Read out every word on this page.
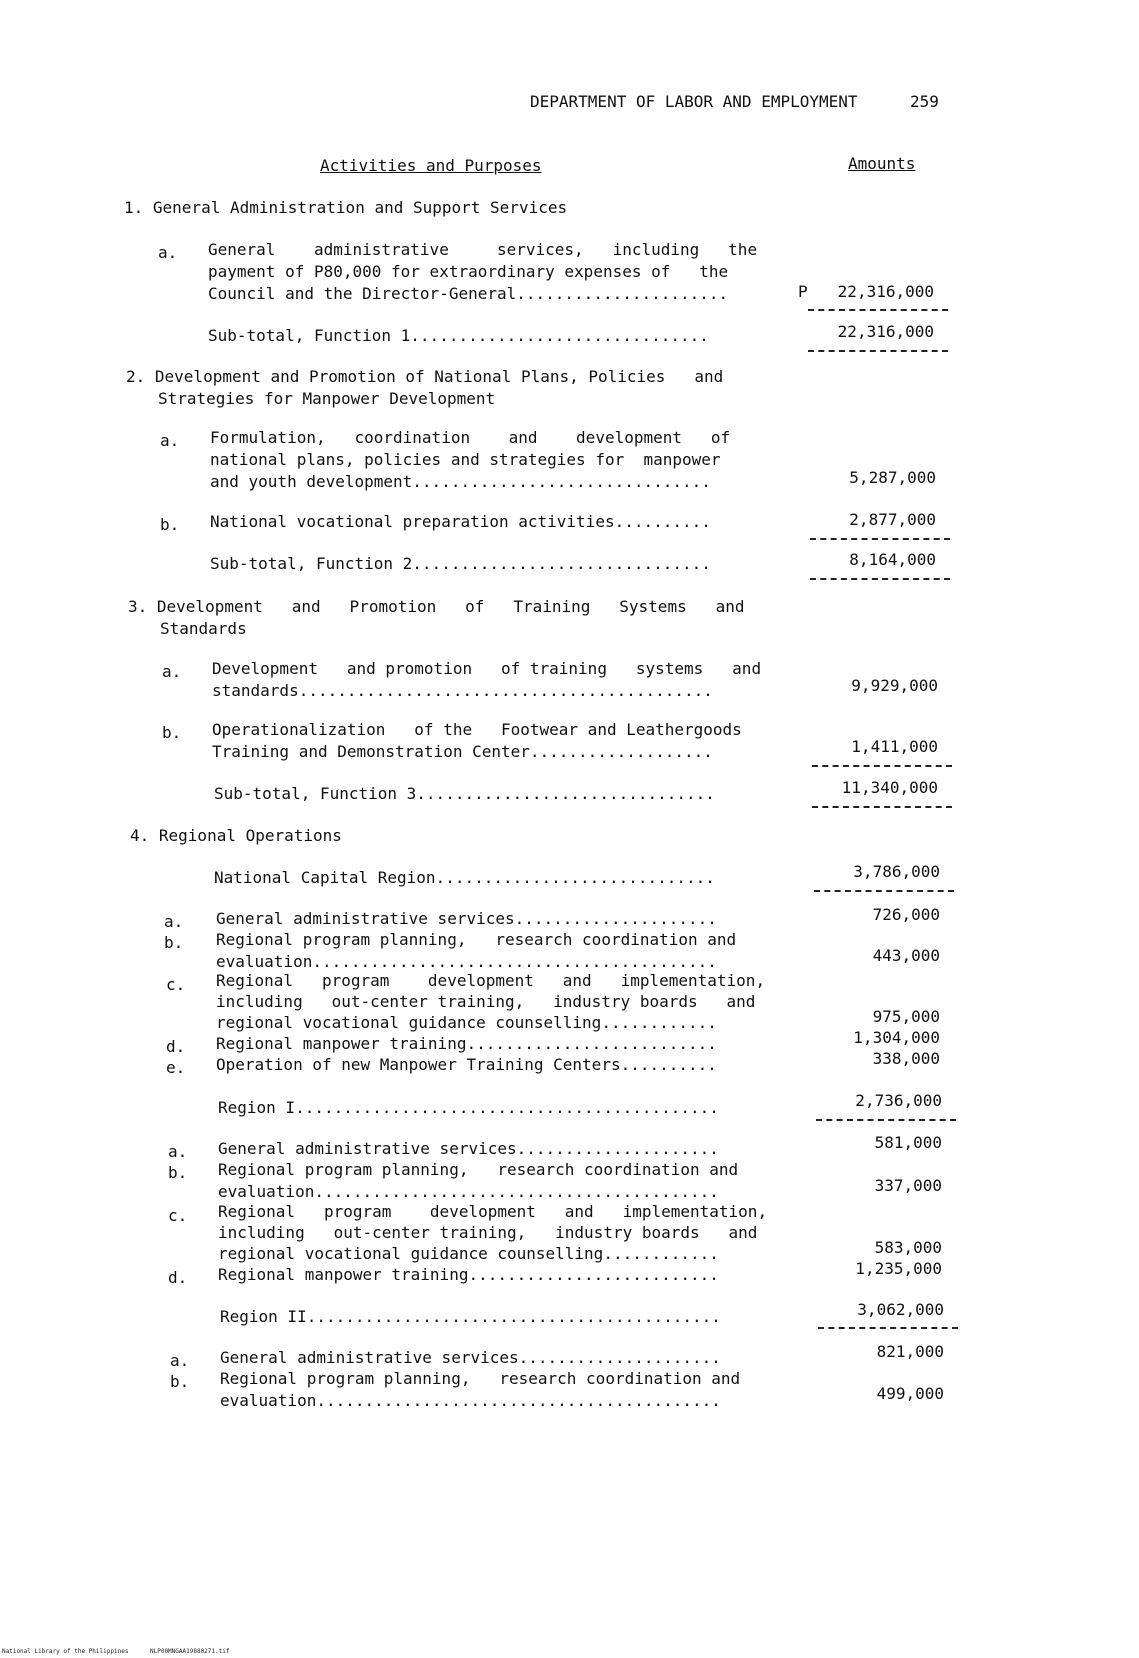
DEPARTMENT OF LABOR AND EMPLOYMENT	259
Activities and Purposes	Amounts
1. General Administration and Support Services
a. General    administrative     services,   including   the
payment of P80,000 for extraordinary expenses of   the
Council and the Director-General......................	P	22,316,000
Sub-total, Function 1...............................	22,316,000
2. Development and Promotion of National Plans, Policies   and
Strategies for Manpower Development
a. Formulation,   coordination    and    development   of
national plans, policies and strategies for  manpower
and youth development...............................	5,287,000
b. National vocational preparation activities..........	2,877,000
Sub-total, Function 2...............................	8,164,000
3. Development   and   Promotion   of   Training   Systems   and
Standards
a. Development   and promotion   of training   systems   and
standards...........................................	9,929,000
b. Operationalization   of the   Footwear and Leathergoods
Training and Demonstration Center...................	1,411,000
Sub-total, Function 3...............................	11,340,000
4. Regional Operations
National Capital Region.............................	3,786,000
a. General administrative services.....................	726,000
b. Regional program planning,   research coordination and
evaluation..........................................	443,000
c. Regional   program    development   and   implementation,
including   out-center training,   industry boards   and
regional vocational guidance counselling............	975,000
d. Regional manpower training..........................	1,304,000
e. Operation of new Manpower Training Centers..........	338,000
Region I............................................	2,736,000
a. General administrative services.....................	581,000
b. Regional program planning,   research coordination and
evaluation..........................................	337,000
c. Regional   program    development   and   implementation,
including   out-center training,   industry boards   and
regional vocational guidance counselling............	583,000
d. Regional manpower training..........................	1,235,000
Region II...........................................	3,062,000
a. General administrative services.....................	821,000
b. Regional program planning,   research coordination and
evaluation..........................................	499,000
National Library of the Philippines	NLP00MNGAA19880271.tif
